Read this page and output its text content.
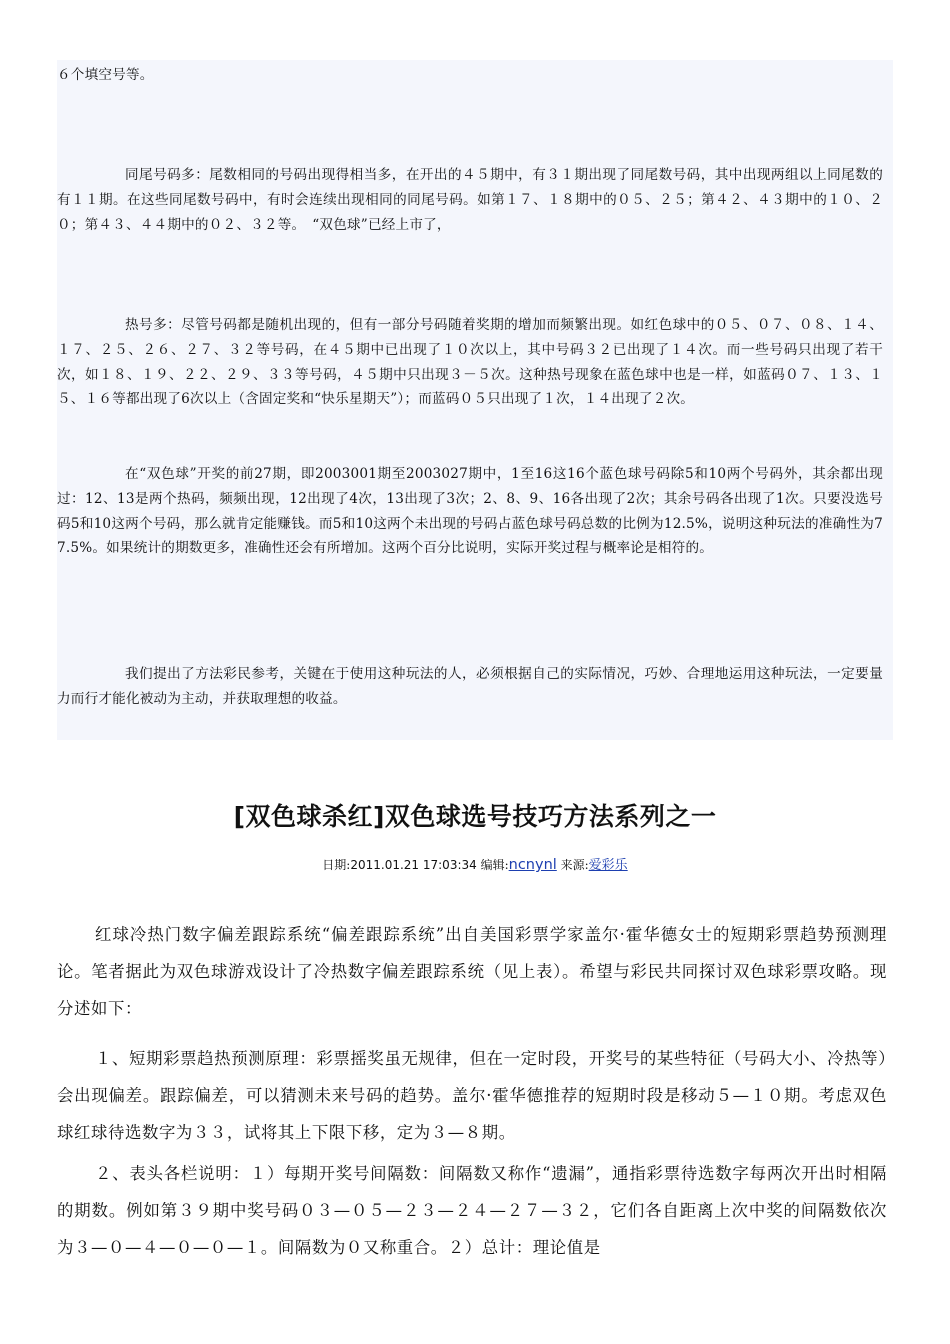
６个填空号等。

同尾号码多：尾数相同的号码出现得相当多，在开出的４５期中，有３１期出现了同尾数号码，其中出现两组以上同尾数的有１１期。在这些同尾数号码中，有时会连续出现相同的同尾号码。如第１７、１８期中的０５、２５；第４２、４３期中的１０、２０；第４３、４４期中的０２、３２等。　“双色球”已经上市了，

热号多：尽管号码都是随机出现的，但有一部分号码随着奖期的增加而频繁出现。如红色球中的０５、０７、０８、１４、１７、２５、２６、２７、３２等号码，在４５期中已出现了１０次以上，其中号码３２已出现了１４次。而一些号码只出现了若干次，如１８、１９、２２、２９、３３等号码，４５期中只出现３－５次。这种热号现象在蓝色球中也是一样，如蓝码０７、１３、１５、１６等都出现了6次以上（含固定奖和“快乐星期天”）；而蓝码０５只出现了１次，１４出现了２次。

在“双色球”开奖的前27期，即2003001期至2003027期中，1至16这16个蓝色球号码除5和10两个号码外，其余都出现过：12、13是两个热码，频频出现，12出现了4次，13出现了3次；2、8、9、16各出现了2次；其余号码各出现了1次。只要没选号码5和10这两个号码，那么就肯定能赚钱。而5和10这两个未出现的号码占蓝色球号码总数的比例为12.5%，说明这种玩法的准确性为77.5%。如果统计的期数更多，准确性还会有所增加。这两个百分比说明，实际开奖过程与概率论是相符的。

我们提出了方法彩民参考，关键在于使用这种玩法的人，必须根据自己的实际情况，巧妙、合理地运用这种玩法，一定要量力而行才能化被动为主动，并获取理想的收益。

[双色球杀红]双色球选号技巧方法系列之一
日期:2011.01.21 17:03:34 编辑:ncnynl 来源:爱彩乐

红球冷热门数字偏差跟踪系统“偏差跟踪系统”出自美国彩票学家盖尔·霍华德女士的短期彩票趋势预测理论。笔者据此为双色球游戏设计了冷热数字偏差跟踪系统（见上表）。希望与彩民共同探讨双色球彩票攻略。现分述如下：

１、短期彩票趋热预测原理：彩票摇奖虽无规律，但在一定时段，开奖号的某些特征（号码大小、冷热等）会出现偏差。跟踪偏差，可以猜测未来号码的趋势。盖尔·霍华德推荐的短期时段是移动５—１０期。考虑双色球红球待选数字为３３，试将其上下限下移，定为３—８期。

２、表头各栏说明：１）每期开奖号间隔数：间隔数又称作“遗漏”，通指彩票待选数字每两次开出时相隔的期数。例如第３９期中奖号码０３—０５—２３—２４—２７—３２，它们各自距离上次中奖的间隔数依次为３—０—４—０—０—１。间隔数为０又称重合。２）总计：理论值是
